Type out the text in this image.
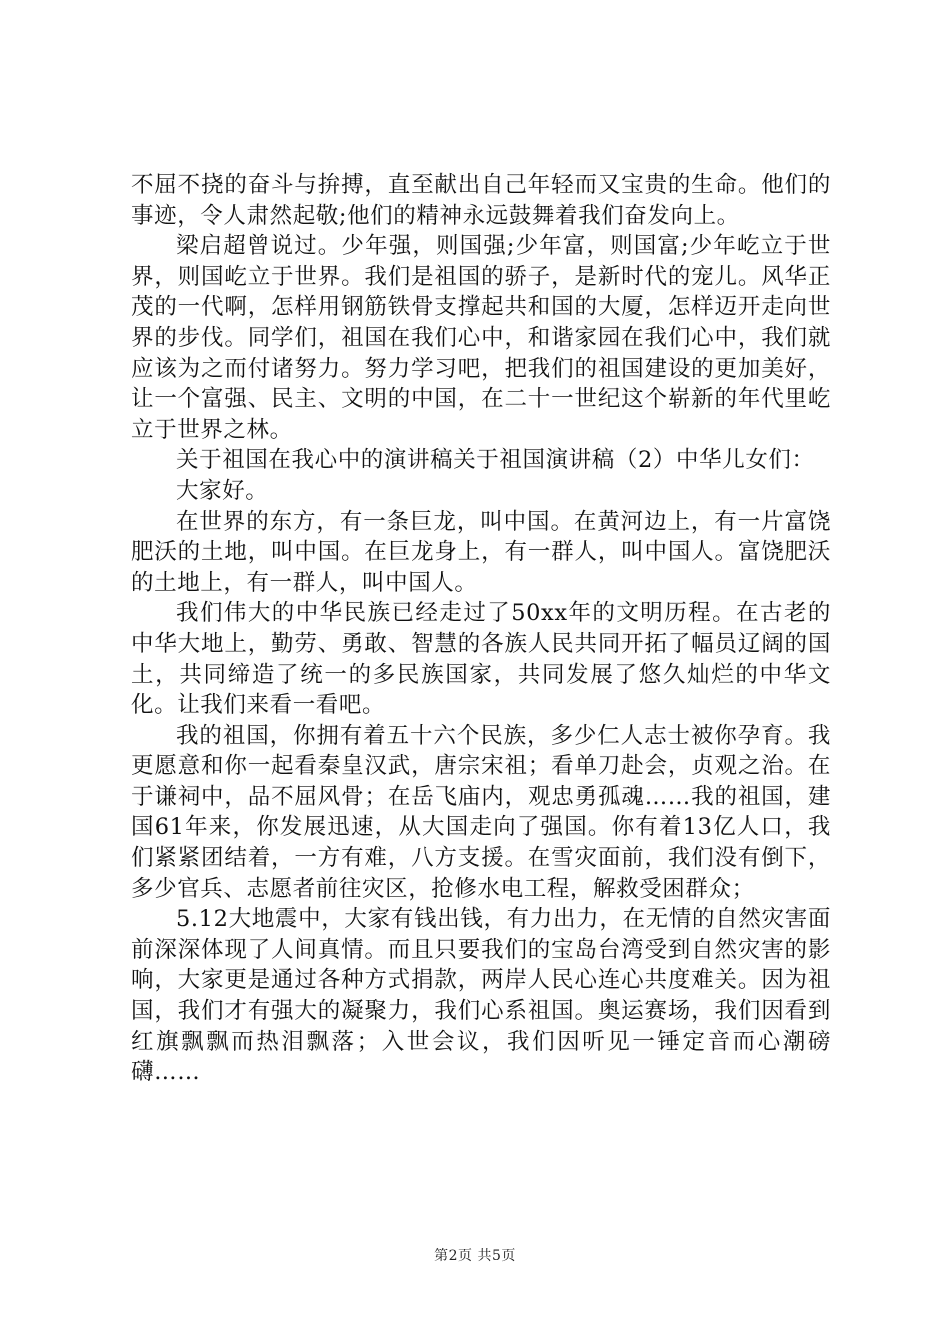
不屈不挠的奋斗与拚搏，直至献出自己年轻而又宝贵的生命。他们的事迹，令人肃然起敬;他们的精神永远鼓舞着我们奋发向上。

梁启超曾说过。少年强，则国强;少年富，则国富;少年屹立于世界，则国屹立于世界。我们是祖国的骄子，是新时代的宠儿。风华正茂的一代啊，怎样用钢筋铁骨支撑起共和国的大厦，怎样迈开走向世界的步伐。同学们，祖国在我们心中，和谐家园在我们心中，我们就应该为之而付诸努力。努力学习吧，把我们的祖国建设的更加美好，让一个富强、民主、文明的中国，在二十一世纪这个崭新的年代里屹立于世界之林。

关于祖国在我心中的演讲稿关于祖国演讲稿（2）中华儿女们：

大家好。

在世界的东方，有一条巨龙，叫中国。在黄河边上，有一片富饶肥沃的土地，叫中国。在巨龙身上，有一群人，叫中国人。富饶肥沃的土地上，有一群人，叫中国人。

我们伟大的中华民族已经走过了50xx年的文明历程。在古老的中华大地上，勤劳、勇敢、智慧的各族人民共同开拓了幅员辽阔的国土，共同缔造了统一的多民族国家，共同发展了悠久灿烂的中华文化。让我们来看一看吧。

我的祖国，你拥有着五十六个民族，多少仁人志士被你孕育。我更愿意和你一起看秦皇汉武，唐宗宋祖；看单刀赴会，贞观之治。在于谦祠中，品不屈风骨；在岳飞庙内，观忠勇孤魂……我的祖国，建国61年来，你发展迅速，从大国走向了强国。你有着13亿人口，我们紧紧团结着，一方有难，八方支援。在雪灾面前，我们没有倒下，多少官兵、志愿者前往灾区，抢修水电工程，解救受困群众；

5.12大地震中，大家有钱出钱，有力出力，在无情的自然灾害面前深深体现了人间真情。而且只要我们的宝岛台湾受到自然灾害的影响，大家更是通过各种方式捐款，两岸人民心连心共度难关。因为祖国，我们才有强大的凝聚力，我们心系祖国。奥运赛场，我们因看到红旗飘飘而热泪飘落；入世会议，我们因听见一锤定音而心潮磅礴……

第2页 共5页
